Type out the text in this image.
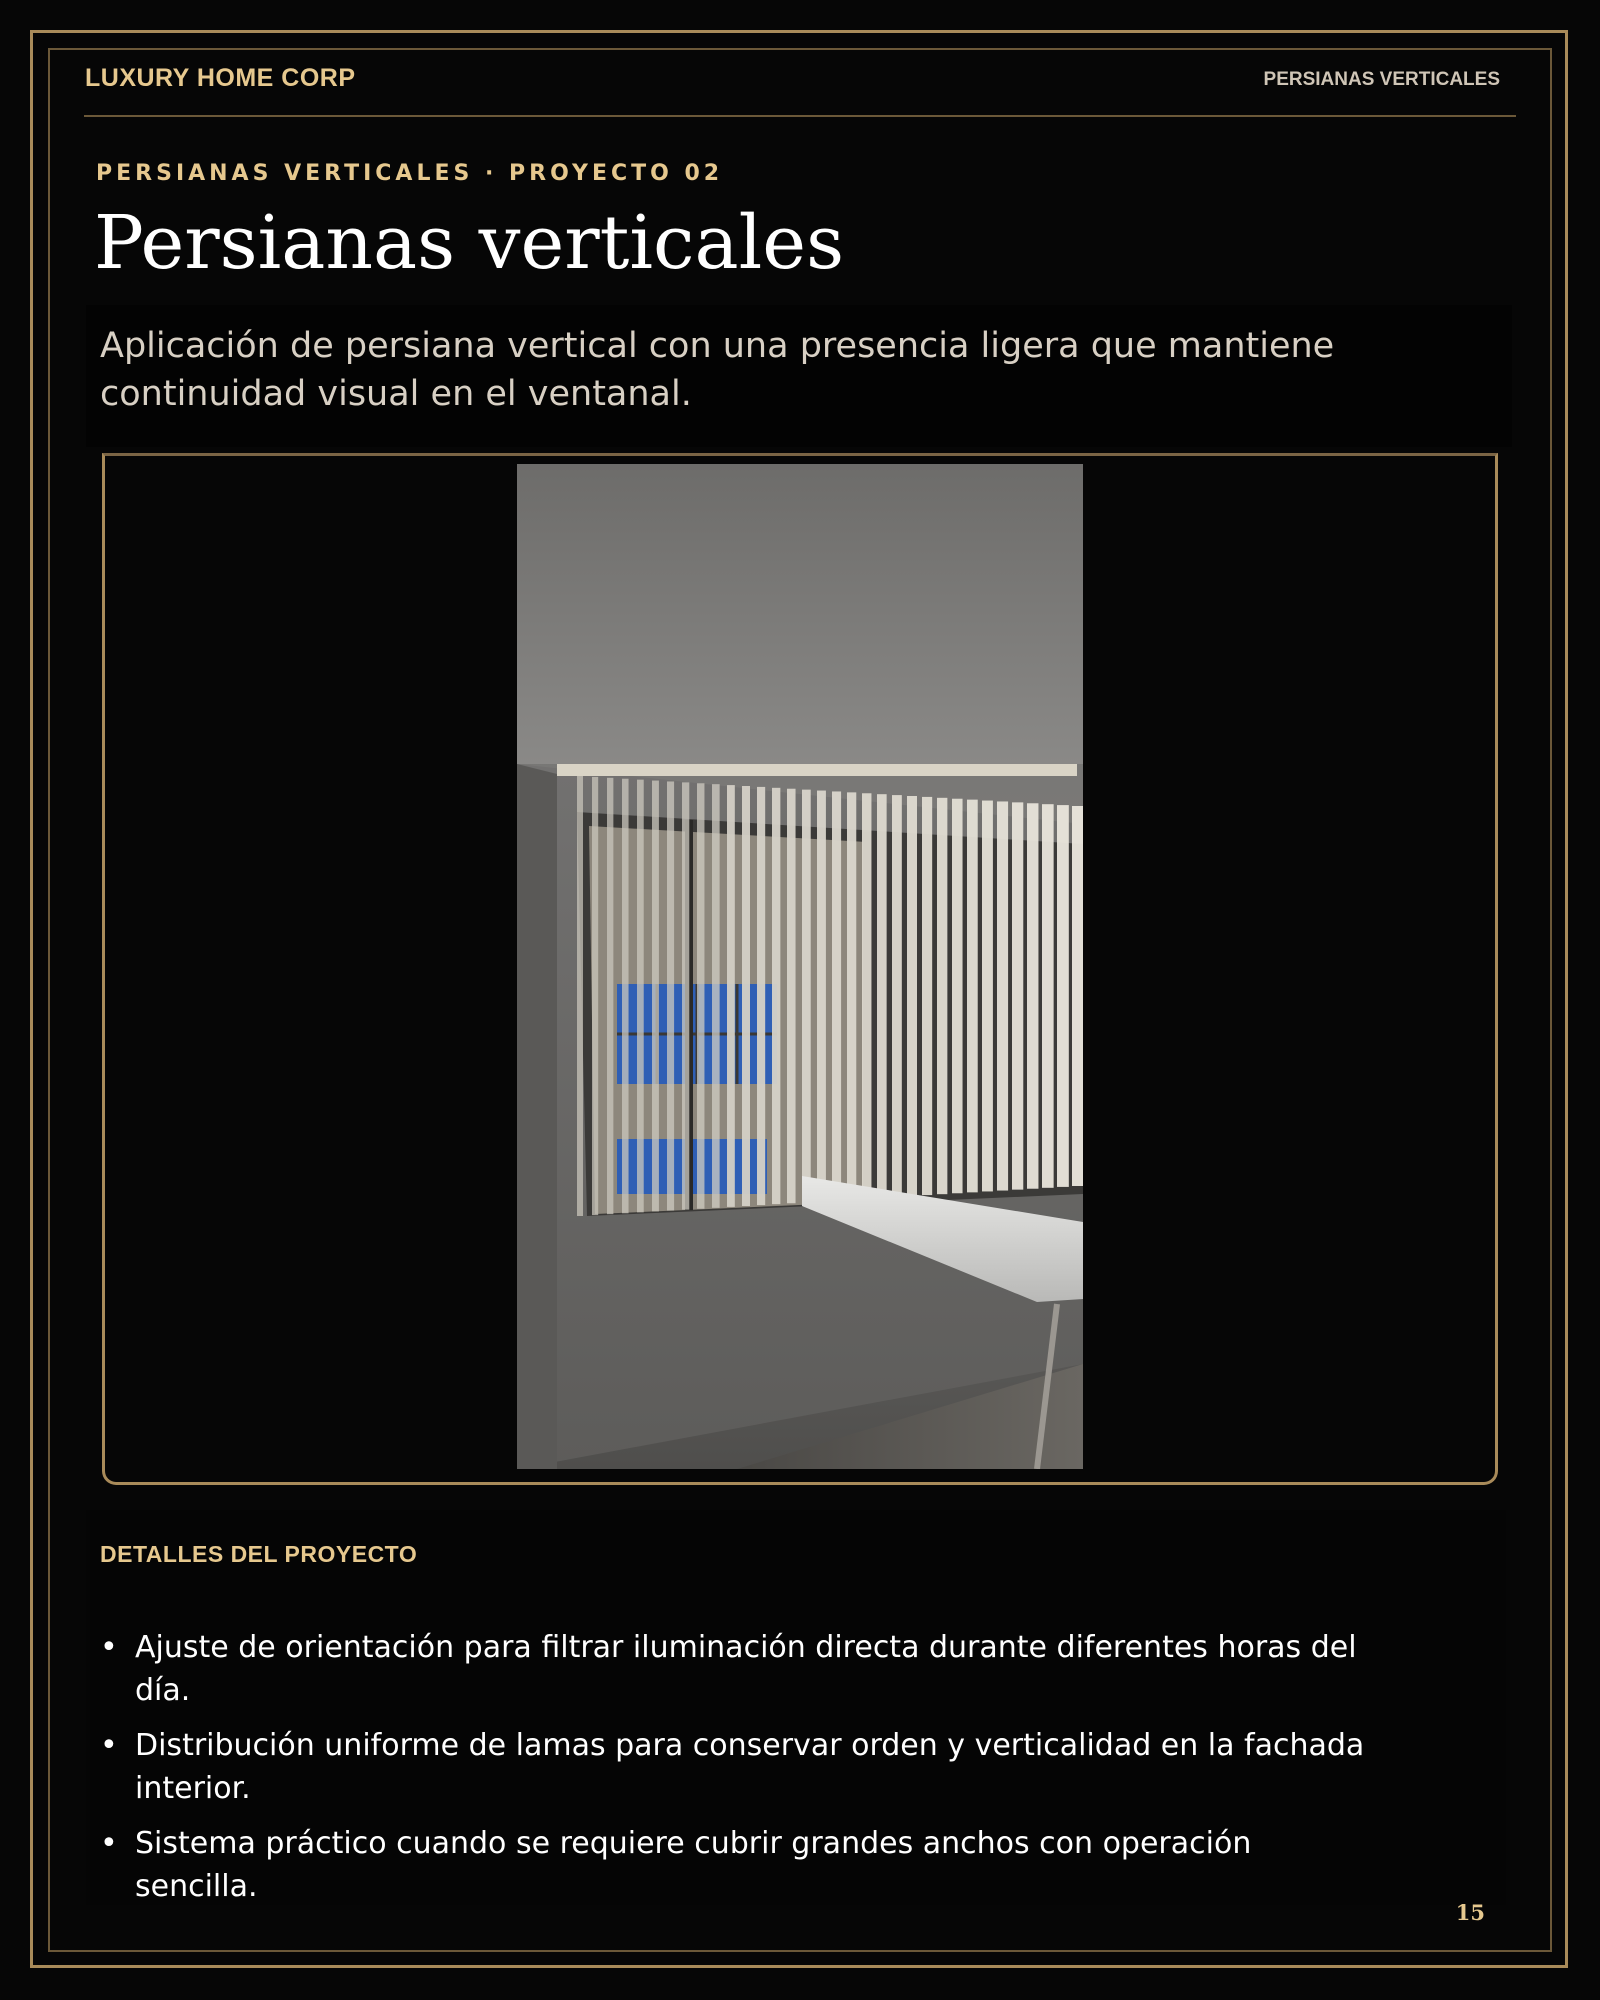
LUXURY HOME CORP	PERSIANAS VERTICALES
PERSIANAS VERTICALES · PROYECTO 02
Persianas verticales
Aplicación de persiana vertical con una presencia ligera que mantiene continuidad visual en el ventanal.
DETALLES DEL PROYECTO
• Ajuste de orientación para filtrar iluminación directa durante diferentes horas del día.
• Distribución uniforme de lamas para conservar orden y verticalidad en la fachada interior.
• Sistema práctico cuando se requiere cubrir grandes anchos con operación sencilla.
15
